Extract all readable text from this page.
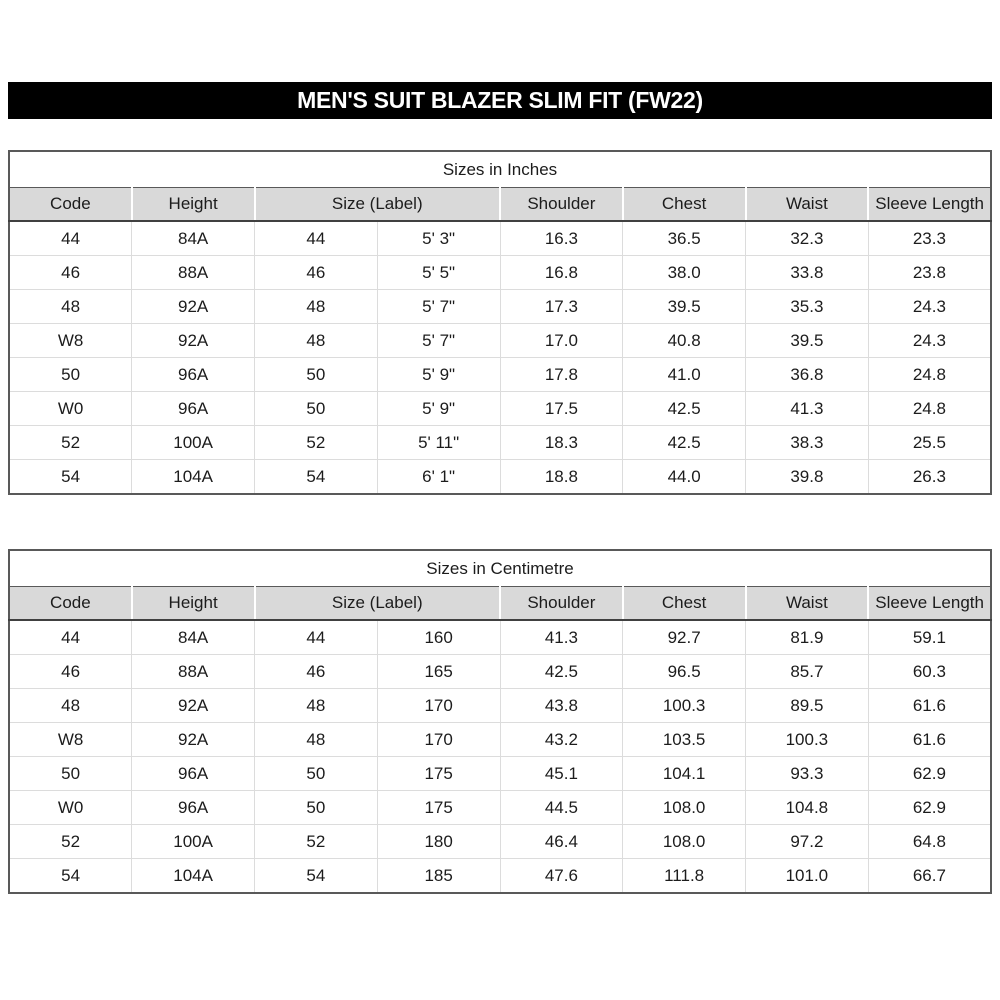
MEN'S SUIT BLAZER SLIM FIT (FW22)
Sizes in Inches							
Code	Height	Size (Label)		Shoulder	Chest	Waist	Sleeve Length
44	84A	44	5' 3"	16.3	36.5	32.3	23.3
46	88A	46	5' 5"	16.8	38.0	33.8	23.8
48	92A	48	5' 7"	17.3	39.5	35.3	24.3
W8	92A	48	5' 7"	17.0	40.8	39.5	24.3
50	96A	50	5' 9"	17.8	41.0	36.8	24.8
W0	96A	50	5' 9"	17.5	42.5	41.3	24.8
52	100A	52	5' 11"	18.3	42.5	38.3	25.5
54	104A	54	6' 1"	18.8	44.0	39.8	26.3
Sizes in Centimetre							
Code	Height	Size (Label)		Shoulder	Chest	Waist	Sleeve Length
44	84A	44	160	41.3	92.7	81.9	59.1
46	88A	46	165	42.5	96.5	85.7	60.3
48	92A	48	170	43.8	100.3	89.5	61.6
W8	92A	48	170	43.2	103.5	100.3	61.6
50	96A	50	175	45.1	104.1	93.3	62.9
W0	96A	50	175	44.5	108.0	104.8	62.9
52	100A	52	180	46.4	108.0	97.2	64.8
54	104A	54	185	47.6	111.8	101.0	66.7
